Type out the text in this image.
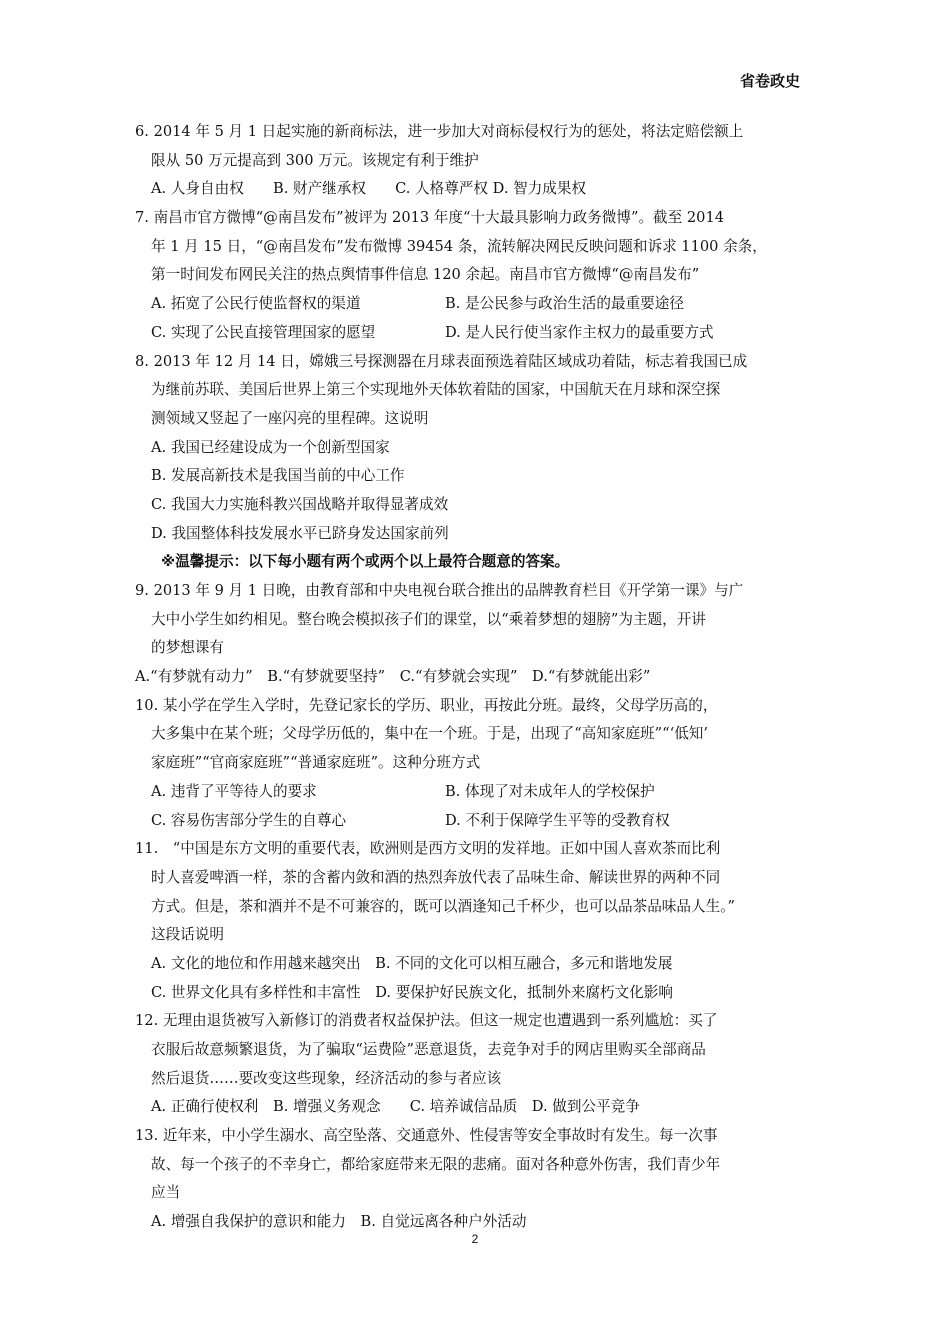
省卷政史
6. 2014 年 5 月 1 日起实施的新商标法，进一步加大对商标侵权行为的惩处，将法定赔偿额上
限从 50 万元提高到 300 万元。该规定有利于维护
A. 人身自由权　　B. 财产继承权　　C. 人格尊严权 D. 智力成果权
7. 南昌市官方微博“@南昌发布”被评为 2013 年度“十大最具影响力政务微博”。截至 2014
年 1 月 15 日，“@南昌发布”发布微博 39454 条，流转解决网民反映问题和诉求 1100 余条，
第一时间发布网民关注的热点舆情事件信息 120 余起。南昌市官方微博“@南昌发布”
A. 拓宽了公民行使监督权的渠道	B. 是公民参与政治生活的最重要途径
C. 实现了公民直接管理国家的愿望	D. 是人民行使当家作主权力的最重要方式
8. 2013 年 12 月 14 日，嫦娥三号探测器在月球表面预选着陆区域成功着陆，标志着我国已成
为继前苏联、美国后世界上第三个实现地外天体软着陆的国家，中国航天在月球和深空探
测领域又竖起了一座闪亮的里程碑。这说明
A. 我国已经建设成为一个创新型国家
B. 发展高新技术是我国当前的中心工作
C. 我国大力实施科教兴国战略并取得显著成效
D. 我国整体科技发展水平已跻身发达国家前列
※温馨提示：以下每小题有两个或两个以上最符合题意的答案。
9. 2013 年 9 月 1 日晚，由教育部和中央电视台联合推出的品牌教育栏目《开学第一课》与广
大中小学生如约相见。整台晚会模拟孩子们的课堂，以“乘着梦想的翅膀”为主题，开讲
的梦想课有
A.“有梦就有动力”　B.“有梦就要坚持”　C.“有梦就会实现”　D.“有梦就能出彩”
10. 某小学在学生入学时，先登记家长的学历、职业，再按此分班。最终，父母学历高的，
大多集中在某个班；父母学历低的，集中在一个班。于是，出现了“高知家庭班”“‘低知’
家庭班”“官商家庭班”“普通家庭班”。这种分班方式
A. 违背了平等待人的要求	B. 体现了对未成年人的学校保护
C. 容易伤害部分学生的自尊心	D. 不利于保障学生平等的受教育权
11.　“中国是东方文明的重要代表，欧洲则是西方文明的发祥地。正如中国人喜欢茶而比利
时人喜爱啤酒一样，茶的含蓄内敛和酒的热烈奔放代表了品味生命、解读世界的两种不同
方式。但是，茶和酒并不是不可兼容的，既可以酒逢知己千杯少，也可以品茶品味品人生。”
这段话说明
A. 文化的地位和作用越来越突出　B. 不同的文化可以相互融合，多元和谐地发展
C. 世界文化具有多样性和丰富性　D. 要保护好民族文化，抵制外来腐朽文化影响
12. 无理由退货被写入新修订的消费者权益保护法。但这一规定也遭遇到一系列尴尬：买了
衣服后故意频繁退货，为了骗取“运费险”恶意退货，去竞争对手的网店里购买全部商品
然后退货……要改变这些现象，经济活动的参与者应该
A. 正确行使权利　B. 增强义务观念　　C. 培养诚信品质　D. 做到公平竞争
13. 近年来，中小学生溺水、高空坠落、交通意外、性侵害等安全事故时有发生。每一次事
故、每一个孩子的不幸身亡，都给家庭带来无限的悲痛。面对各种意外伤害，我们青少年
应当
A. 增强自我保护的意识和能力　B. 自觉远离各种户外活动
2
